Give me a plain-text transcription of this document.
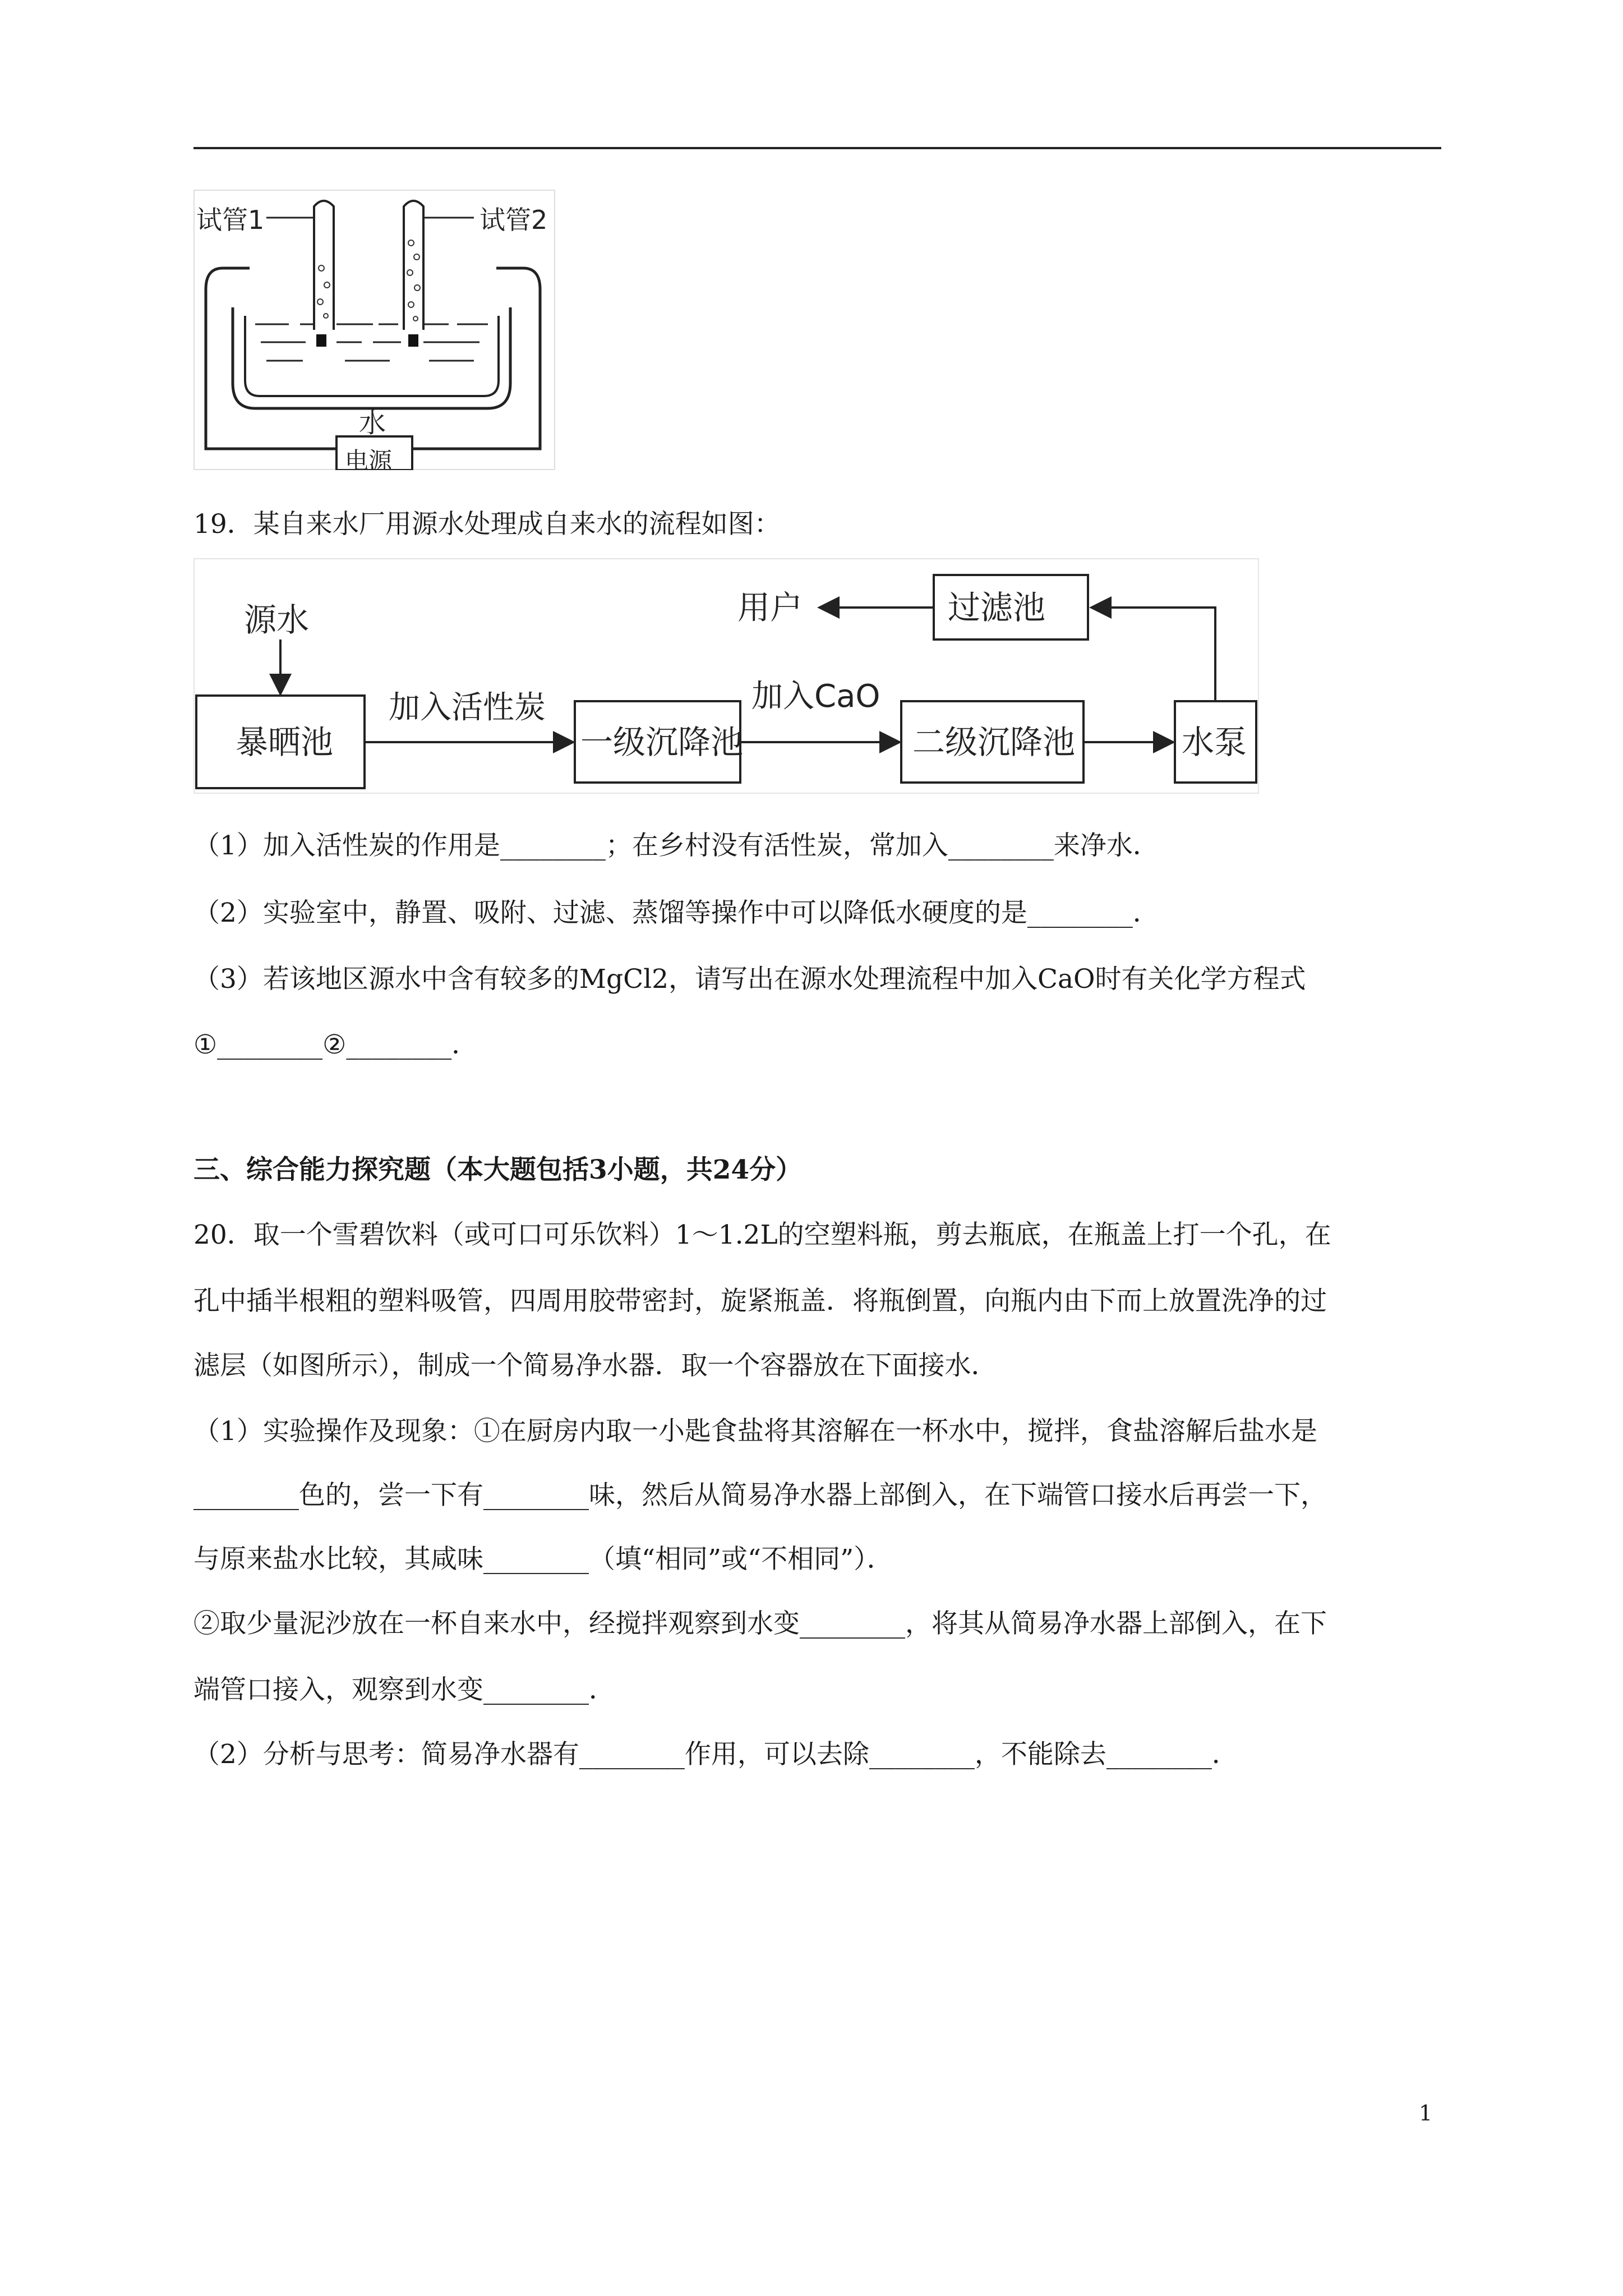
试管1	试管2
水
电源
19．某自来水厂用源水处理成自来水的流程如图：
源水
暴晒池
加入活性炭
一级沉降池
加入CaO
二级沉降池	水泵
过滤池
用户
（1）加入活性炭的作用是________；在乡村没有活性炭，常加入________来净水．
（2）实验室中，静置、吸附、过滤、蒸馏等操作中可以降低水硬度的是________．
（3）若该地区源水中含有较多的MgCl2，请写出在源水处理流程中加入CaO时有关化学方程式
①________②________．
三、综合能力探究题（本大题包括3小题，共24分）
20．取一个雪碧饮料（或可口可乐饮料）1～1.2L的空塑料瓶，剪去瓶底，在瓶盖上打一个孔，在
孔中插半根粗的塑料吸管，四周用胶带密封，旋紧瓶盖．将瓶倒置，向瓶内由下而上放置洗净的过
滤层（如图所示），制成一个简易净水器．取一个容器放在下面接水．
（1）实验操作及现象：①在厨房内取一小匙食盐将其溶解在一杯水中，搅拌，食盐溶解后盐水是
________色的，尝一下有________味，然后从简易净水器上部倒入，在下端管口接水后再尝一下，
与原来盐水比较，其咸味________（填“相同”或“不相同”）．
②取少量泥沙放在一杯自来水中，经搅拌观察到水变________，将其从简易净水器上部倒入，在下
端管口接入，观察到水变________．
（2）分析与思考：简易净水器有________作用，可以去除________，不能除去________．
1
